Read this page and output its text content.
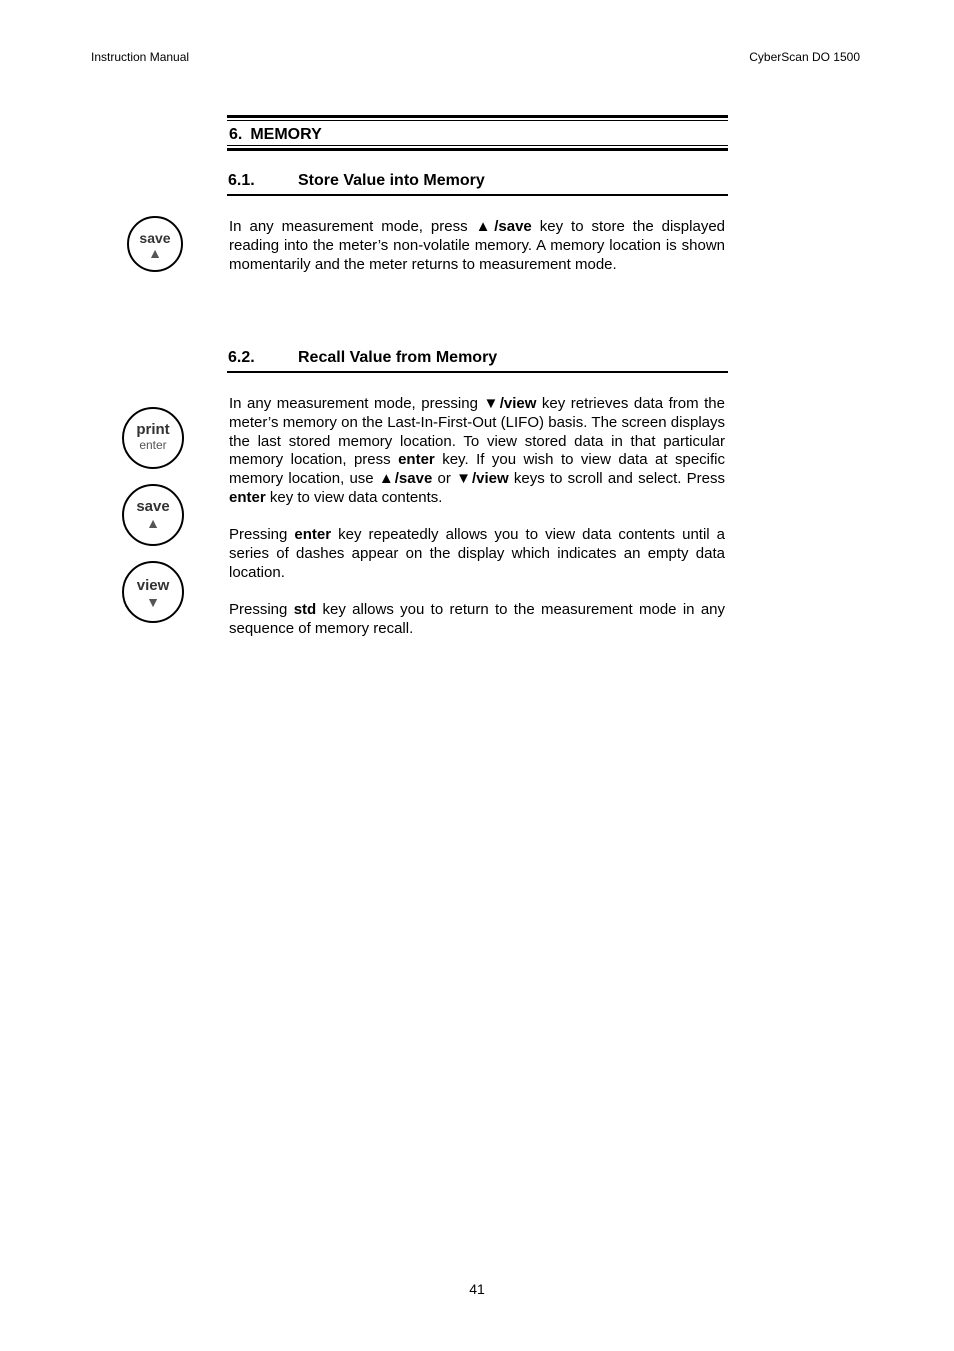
Instruction Manual	CyberScan DO 1500
6. MEMORY
6.1.	Store Value into Memory
save
▲

In any measurement mode, press ▲/save key to store the displayed reading into the meter’s non-volatile memory. A memory location is shown momentarily and the meter returns to measurement mode.

6.2.	Recall Value from Memory
print
enter
save
▲
view
▼

In any measurement mode, pressing ▼/view key retrieves data from the meter’s memory on the Last-In-First-Out (LIFO) basis. The screen displays the last stored memory location. To view stored data in that particular memory location, press enter key. If you wish to view data at specific memory location, use ▲/save or ▼/view keys to scroll and select. Press enter key to view data contents.

Pressing enter key repeatedly allows you to view data contents until a series of dashes appear on the display which indicates an empty data location.

Pressing std key allows you to return to the measurement mode in any sequence of memory recall.

41
